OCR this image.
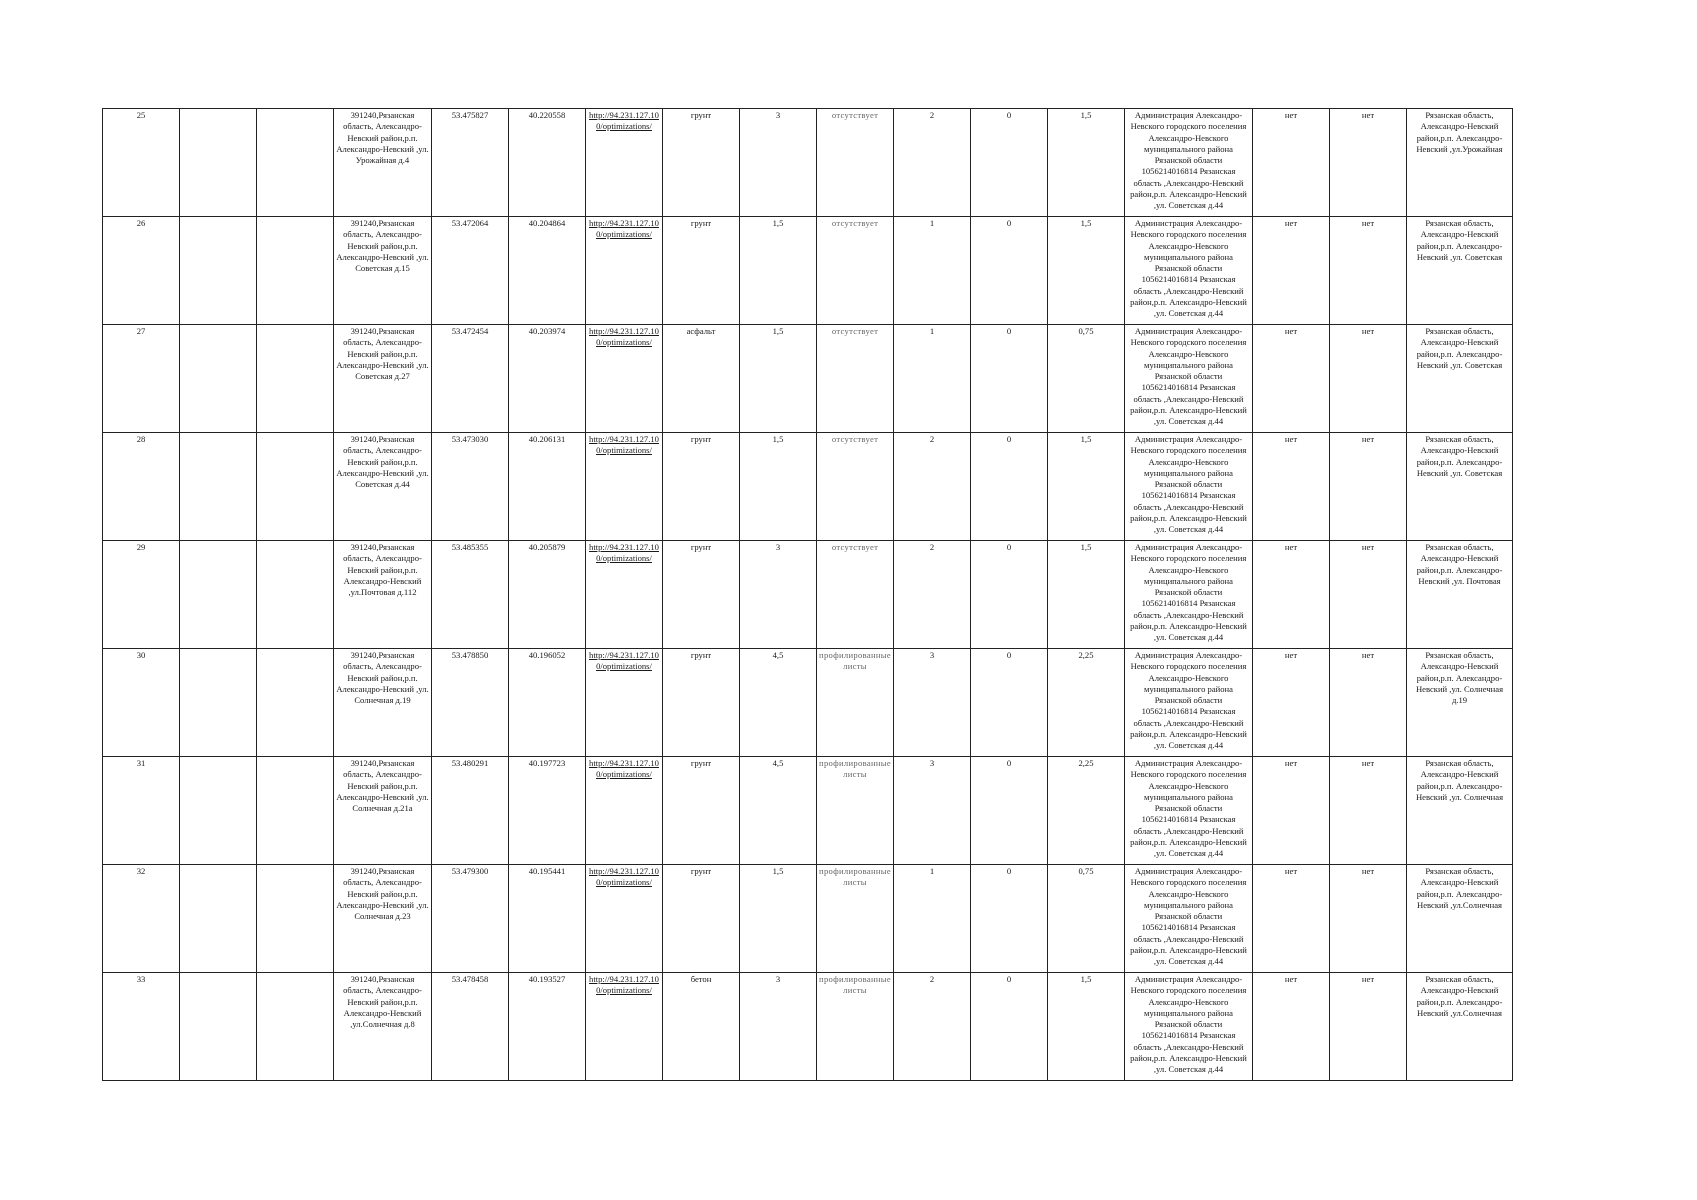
25			391240,Рязанская область, Александро-Невский район,р.п. Александро-Невский ,ул. Урожайная д.4	53.475827	40.220558	http://94.231.127.10 0/optimizations/	грунт	3	отсутствует	2	0	1,5	Администрация Александро-Невского городского поселения Александро-Невского муниципального района Рязанской области 1056214016814 Рязанская область ,Александро-Невский район,р.п. Александро-Невский ,ул. Советская д.44	нет	нет	Рязанская область, Александро-Невский район,р.п. Александро-Невский ,ул.Урожайная
26			391240,Рязанская область, Александро-Невский район,р.п. Александро-Невский ,ул. Советская д.15	53.472064	40.204864	http://94.231.127.10 0/optimizations/	грунт	1,5	отсутствует	1	0	1,5	Администрация Александро-Невского городского поселения Александро-Невского муниципального района Рязанской области 1056214016814 Рязанская область ,Александро-Невский район,р.п. Александро-Невский ,ул. Советская д.44	нет	нет	Рязанская область, Александро-Невский район,р.п. Александро-Невский ,ул. Советская
27			391240,Рязанская область, Александро-Невский район,р.п. Александро-Невский ,ул. Советская д.27	53.472454	40.203974	http://94.231.127.10 0/optimizations/	асфальт	1,5	отсутствует	1	0	0,75	Администрация Александро-Невского городского поселения Александро-Невского муниципального района Рязанской области 1056214016814 Рязанская область ,Александро-Невский район,р.п. Александро-Невский ,ул. Советская д.44	нет	нет	Рязанская область, Александро-Невский район,р.п. Александро-Невский ,ул. Советская
28			391240,Рязанская область, Александро-Невский район,р.п. Александро-Невский ,ул. Советская д.44	53.473030	40.206131	http://94.231.127.10 0/optimizations/	грунт	1,5	отсутствует	2	0	1,5	Администрация Александро-Невского городского поселения Александро-Невского муниципального района Рязанской области 1056214016814 Рязанская область ,Александро-Невский район,р.п. Александро-Невский ,ул. Советская д.44	нет	нет	Рязанская область, Александро-Невский район,р.п. Александро-Невский ,ул. Советская
29			391240,Рязанская область, Александро-Невский район,р.п. Александро-Невский ,ул.Почтовая д.112	53.485355	40.205879	http://94.231.127.10 0/optimizations/	грунт	3	отсутствует	2	0	1,5	Администрация Александро-Невского городского поселения Александро-Невского муниципального района Рязанской области 1056214016814 Рязанская область ,Александро-Невский район,р.п. Александро-Невский ,ул. Советская д.44	нет	нет	Рязанская область, Александро-Невский район,р.п. Александро-Невский ,ул. Почтовая
30			391240,Рязанская область, Александро-Невский район,р.п. Александро-Невский ,ул. Солнечная д.19	53.478850	40.196052	http://94.231.127.10 0/optimizations/	грунт	4,5	профилированные листы	3	0	2,25	Администрация Александро-Невского городского поселения Александро-Невского муниципального района Рязанской области 1056214016814 Рязанская область ,Александро-Невский район,р.п. Александро-Невский ,ул. Советская д.44	нет	нет	Рязанская область, Александро-Невский район,р.п. Александро-Невский ,ул. Солнечная д.19
31			391240,Рязанская область, Александро-Невский район,р.п. Александро-Невский ,ул. Солнечная д.21а	53.480291	40.197723	http://94.231.127.10 0/optimizations/	грунт	4,5	профилированные листы	3	0	2,25	Администрация Александро-Невского городского поселения Александро-Невского муниципального района Рязанской области 1056214016814 Рязанская область ,Александро-Невский район,р.п. Александро-Невский ,ул. Советская д.44	нет	нет	Рязанская область, Александро-Невский район,р.п. Александро-Невский ,ул. Солнечная
32			391240,Рязанская область, Александро-Невский район,р.п. Александро-Невский ,ул. Солнечная д.23	53.479300	40.195441	http://94.231.127.10 0/optimizations/	грунт	1,5	профилированные листы	1	0	0,75	Администрация Александро-Невского городского поселения Александро-Невского муниципального района Рязанской области 1056214016814 Рязанская область ,Александро-Невский район,р.п. Александро-Невский ,ул. Советская д.44	нет	нет	Рязанская область, Александро-Невский район,р.п. Александро-Невский ,ул.Солнечная
33			391240,Рязанская область, Александро-Невский район,р.п. Александро-Невский ,ул.Солнечная д.8	53.478458	40.193527	http://94.231.127.10 0/optimizations/	бетон	3	профилированные листы	2	0	1,5	Администрация Александро-Невского городского поселения Александро-Невского муниципального района Рязанской области 1056214016814 Рязанская область ,Александро-Невский район,р.п. Александро-Невский ,ул. Советская д.44	нет	нет	Рязанская область, Александро-Невский район,р.п. Александро-Невский ,ул.Солнечная
